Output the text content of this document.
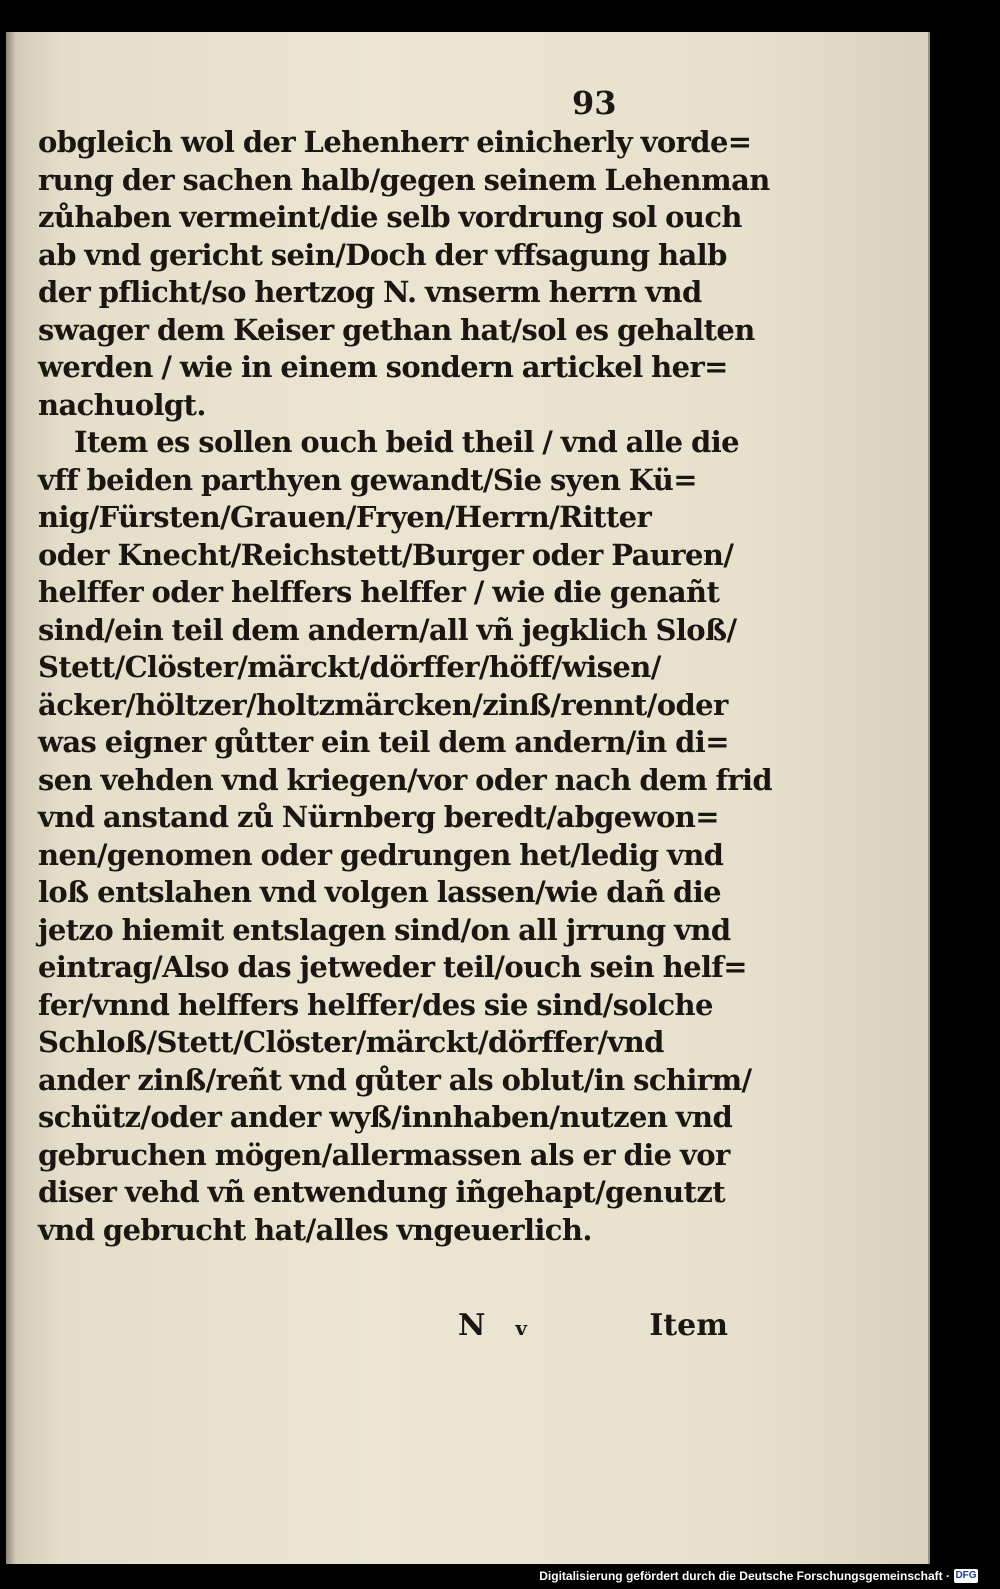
93
obgleich wol der Lehenherr einicherly vorde=
rung der sachen halb/gegen seinem Lehenman
zůhaben vermeint/die selb vordrung sol ouch
ab vnd gericht sein/Doch der vffsagung halb
der pflicht/so hertzog N. vnserm herrn vnd
swager dem Keiser gethan hat/sol es gehalten
werden / wie in einem sondern artickel her=
nachuolgt.
Item es sollen ouch beid theil / vnd alle die
vff beiden parthyen gewandt/Sie syen Kü=
nig/Fürsten/Grauen/Fryen/Herrn/Ritter
oder Knecht/Reichstett/Burger oder Pauren/
helffer oder helffers helffer / wie die genañt
sind/ein teil dem andern/all vñ jegklich Sloß/
Stett/Clöster/märckt/dörffer/höff/wisen/
äcker/höltzer/holtzmärcken/zinß/rennt/oder
was eigner gůtter ein teil dem andern/in di=
sen vehden vnd kriegen/vor oder nach dem frid
vnd anstand zů Nürnberg beredt/abgewon=
nen/genomen oder gedrungen het/ledig vnd
loß entslahen vnd volgen lassen/wie dañ die
jetzo hiemit entslagen sind/on all jrrung vnd
eintrag/Also das jetweder teil/ouch sein helf=
fer/vnnd helffers helffer/des sie sind/solche
Schloß/Stett/Clöster/märckt/dörffer/vnd
ander zinß/reñt vnd gůter als oblut/in schirm/
schütz/oder ander wyß/innhaben/nutzen vnd
gebruchen mögen/allermassen als er die vor
diser vehd vñ entwendung iñgehapt/genutzt
vnd gebrucht hat/alles vngeuerlich.
N v	Item
Digitalisierung gefördert durch die Deutsche Forschungsgemeinschaft · DFG
